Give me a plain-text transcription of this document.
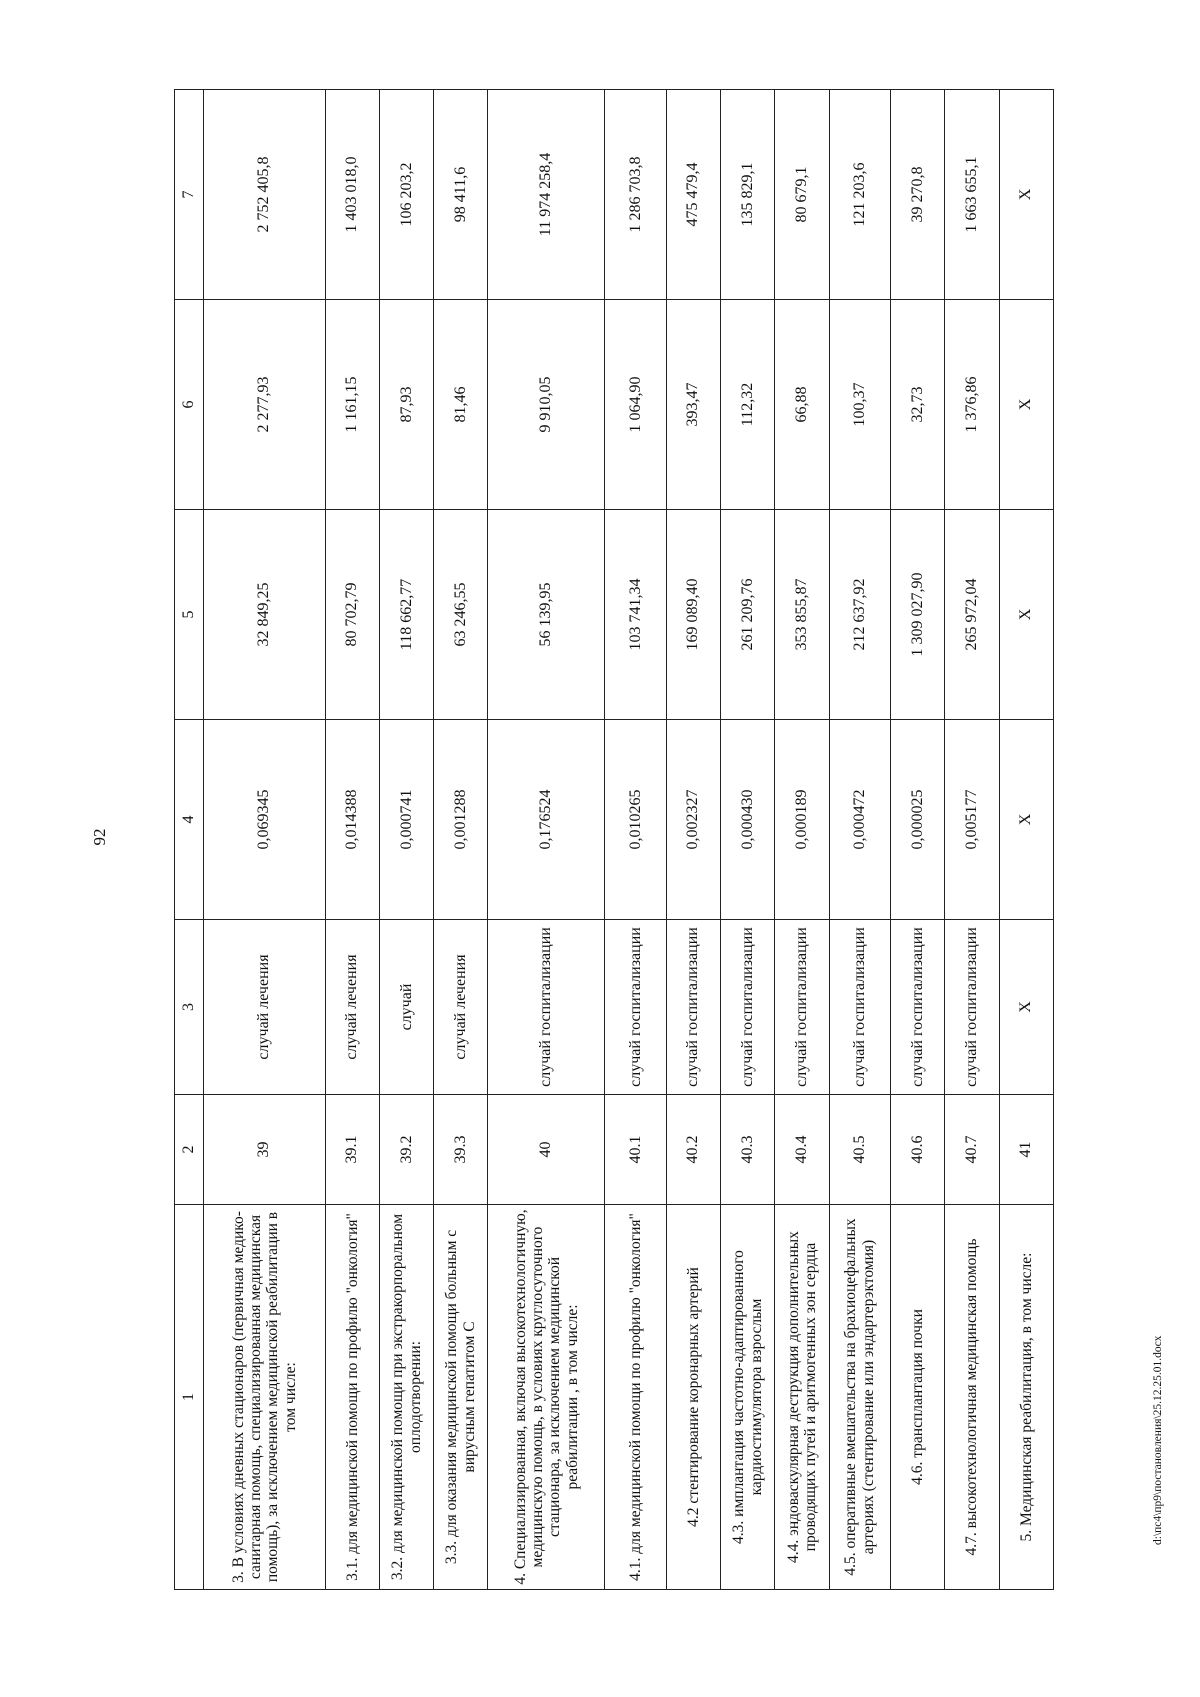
92
1	2	3	4	5	6	7
3. В условиях дневных стационаров (первичная медико-санитарная помощь, специализированная медицинская помощь), за исключением медицинской реабилитации в том числе:	39	случай лечения	0,069345	32 849,25	2 277,93	2 752 405,8
3.1. для медицинской помощи по профилю "онкология"	39.1	случай лечения	0,014388	80 702,79	1 161,15	1 403 018,0
3.2. для медицинской помощи при экстракорпоральном оплодотворении:	39.2	случай	0,000741	118 662,77	87,93	106 203,2
3.3. для оказания медицинской помощи больным с вирусным гепатитом С	39.3	случай лечения	0,001288	63 246,55	81,46	98 411,6
4. Специализированная, включая высокотехнологичную, медицинскую помощь, в условиях круглосуточного стационара, за исключением медицинской реабилитации , в том числе:	40	случай госпитализации	0,176524	56 139,95	9 910,05	11 974 258,4
4.1. для медицинской помощи по профилю "онкология"	40.1	случай госпитализации	0,010265	103 741,34	1 064,90	1 286 703,8
4.2 стентирование коронарных артерий	40.2	случай госпитализации	0,002327	169 089,40	393,47	475 479,4
4.3. имплантация частотно-адаптированного кардиостимулятора взрослым	40.3	случай госпитализации	0,000430	261 209,76	112,32	135 829,1
4.4. эндоваскулярная деструкция дополнительных проводящих путей и аритмогенных зон сердца	40.4	случай госпитализации	0,000189	353 855,87	66,88	80 679,1
4.5. оперативные вмешательства на брахиоцефальных артериях (стентирование или эндартерэктомия)	40.5	случай госпитализации	0,000472	212 637,92	100,37	121 203,6
4.6. трансплантация почки	40.6	случай госпитализации	0,000025	1 309 027,90	32,73	39 270,8
4.7. высокотехнологичная медицинская помощь	40.7	случай госпитализации	0,005177	265 972,04	1 376,86	1 663 655,1
5. Медицинская реабилитация, в том числе:	41	Х	Х	Х	Х	Х
d:\пс4\пр9\постановления\25.12.25.01.docx
